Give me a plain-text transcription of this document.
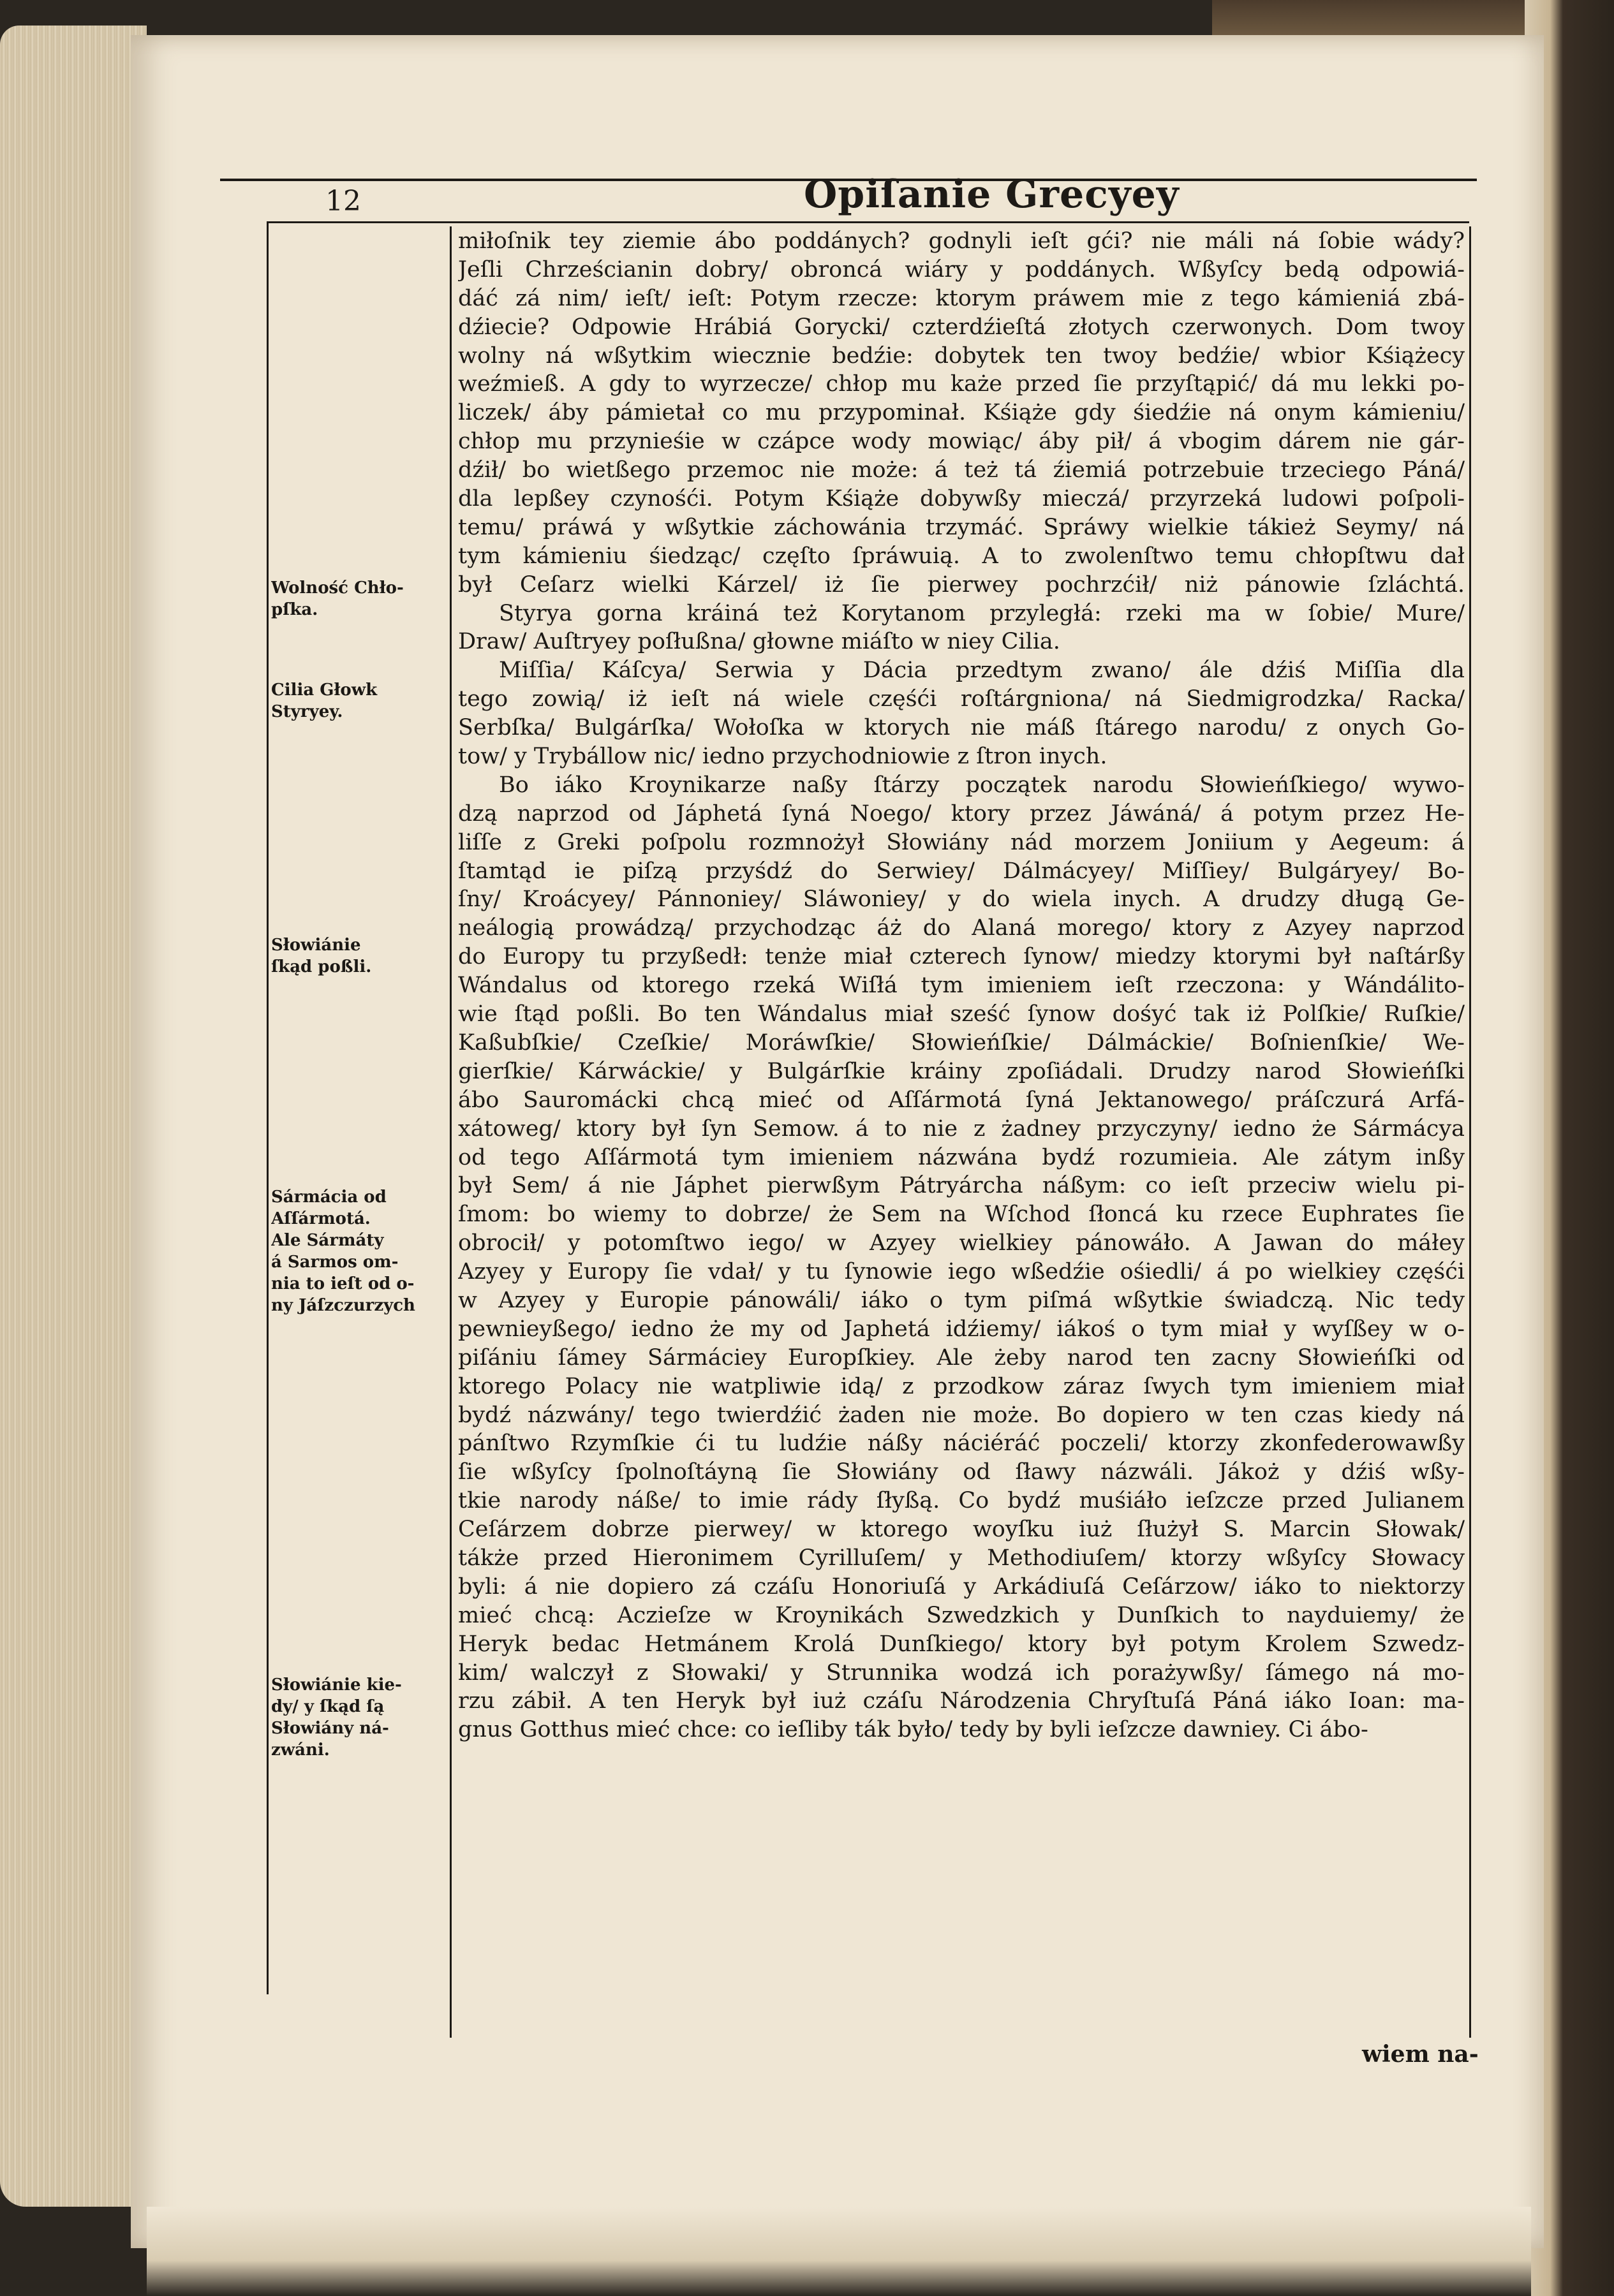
12	Opiſanie Grecyey
miłoſnik tey ziemie ábo poddánych? godnyli ieſt gći? nie máli ná ſobie wády?
Jeſli Chrześcianin dobry/ obroncá wiáry y poddánych. Wßyſcy bedą odpowiá-
dáć zá nim/ ieſt/ ieſt: Potym rzecze: ktorym práwem mie z tego kámieniá zbá-
dźiecie? Odpowie Hrábiá Gorycki/ czterdźieſtá złotych czerwonych. Dom twoy
wolny ná wßytkim wiecznie bedźie: dobytek ten twoy bedźie/ wbior Kśiążecy
weźmieß. A gdy to wyrzecze/ chłop mu każe przed ſie przyſtąpić/ dá mu lekki po-
liczek/ áby pámietał co mu przypominał. Kśiąże gdy śiedźie ná onym kámieniu/
chłop mu przynieśie w czápce wody mowiąc/ áby pił/ á vbogim dárem nie gár-
dźił/ bo wietßego przemoc nie może: á też tá źiemiá potrzebuie trzeciego Páná/
dla lepßey czynośći. Potym Kśiąże dobywßy mieczá/ przyrzeká ludowi poſpoli-
temu/ práwá y wßytkie záchowánia trzymáć. Spráwy wielkie tákież Seymy/ ná
tym kámieniu śiedząc/ częſto ſpráwuią. A to zwolenſtwo temu chłopſtwu dał
był Ceſarz wielki Kárzel/ iż ſie pierwey pochrzćił/ niż pánowie ſzláchtá.
Styrya gorna kráiná też Korytanom przyległá: rzeki ma w ſobie/ Mure/
Draw/ Auſtryey poſłußna/ głowne miáſto w niey Cilia.
Miſſia/ Káſcya/ Serwia y Dácia przedtym zwano/ ále dźiś Miſſia dla
tego zowią/ iż ieſt ná wiele częśći roſtárgniona/ ná Siedmigrodzka/ Racka/
Serbſka/ Bulgárſka/ Wołoſka w ktorych nie máß ſtárego narodu/ z onych Go-
tow/ y Trybállow nic/ iedno przychodniowie z ſtron inych.
Bo iáko Kroynikarze naßy ſtárzy początek narodu Słowieńſkiego/ wywo-
dzą naprzod od Jáphetá ſyná Noego/ ktory przez Jáwáná/ á potym przez He-
liſſe z Greki poſpolu rozmnożył Słowiány nád morzem Joniium y Aegeum: á
ſtamtąd ie piſzą przyśdź do Serwiey/ Dálmácyey/ Miſſiey/ Bulgáryey/ Bo-
ſny/ Kroácyey/ Pánnoniey/ Sláwoniey/ y do wiela inych. A drudzy długą Ge-
neálogią prowádzą/ przychodząc áż do Alaná morego/ ktory z Azyey naprzod
do Europy tu przyßedł: tenże miał czterech ſynow/ miedzy ktorymi był naſtárßy
Wándalus od ktorego rzeká Wiſłá tym imieniem ieſt rzeczona: y Wándálito-
wie ſtąd poßli. Bo ten Wándalus miał sześć ſynow dośyć tak iż Polſkie/ Ruſkie/
Kaßubſkie/ Czeſkie/ Moráwſkie/ Słowieńſkie/ Dálmáckie/ Boſnienſkie/ We-
gierſkie/ Kárwáckie/ y Bulgárſkie kráiny zpoſiádali. Drudzy narod Słowieńſki
ábo Sauromácki chcą mieć od Aſſármotá ſyná Jektanowego/ práſczurá Arfá-
xátoweg/ ktory był ſyn Semow. á to nie z żadney przyczyny/ iedno że Sármácya
od tego Aſſármotá tym imieniem názwána bydź rozumieia. Ale zátym inßy
był Sem/ á nie Jáphet pierwßym Pátryárcha náßym: co ieſt przeciw wielu pi-
ſmom: bo wiemy to dobrze/ że Sem na Wſchod ſłoncá ku rzece Euphrates ſie
obrocił/ y potomſtwo iego/ w Azyey wielkiey pánowáło. A Jawan do máłey
Azyey y Europy ſie vdał/ y tu ſynowie iego wßedźie ośiedli/ á po wielkiey częśći
w Azyey y Europie pánowáli/ iáko o tym piſmá wßytkie świadczą. Nic tedy
pewnieyßego/ iedno że my od Japhetá idźiemy/ iákoś o tym miał y wyſßey w o-
piſániu ſámey Sármáciey Europſkiey. Ale żeby narod ten zacny Słowieńſki od
ktorego Polacy nie watpliwie idą/ z przodkow záraz ſwych tym imieniem miał
bydź názwány/ tego twierdźić żaden nie może. Bo dopiero w ten czas kiedy ná
pánſtwo Rzymſkie ći tu ludźie náßy náciéráć poczeli/ ktorzy zkonfederowawßy
ſie wßyſcy ſpolnoſtáyną ſie Słowiány od ſławy názwáli. Jákoż y dźiś wßy-
tkie narody náße/ to imie rády ſłyßą. Co bydź muśiáło ieſzcze przed Julianem
Ceſárzem dobrze pierwey/ w ktorego woyſku iuż ſłużył S. Marcin Słowak/
tákże przed Hieronimem Cyrilluſem/ y Methodiuſem/ ktorzy wßyſcy Słowacy
byli: á nie dopiero zá czáſu Honoriuſá y Arkádiuſá Ceſárzow/ iáko to niektorzy
mieć chcą: Aczieſze w Kroynikách Szwedzkich y Dunſkich to nayduiemy/ że
Heryk bedac Hetmánem Krolá Dunſkiego/ ktory był potym Krolem Szwedz-
kim/ walczył z Słowaki/ y Strunnika wodzá ich porażywßy/ ſámego ná mo-
rzu zábił. A ten Heryk był iuż czáſu Národzenia Chryſtuſá Páná iáko Ioan: ma-
gnus Gotthus mieć chce: co ieſliby ták było/ tedy by byli ieſzcze dawniey. Ci ábo-
Wolność Chło-
pſka.
Cilia Głowk
Styryey.
Słowiánie
ſkąd poßli.
Sármácia od
Aſſármotá.
Ale Sármáty
á Sarmos om-
nia to ieſt od o-
ny Jáſzczurzych
Słowiánie kie-
dy/ y ſkąd ſą
Słowiány ná-
zwáni.
wiem na-
